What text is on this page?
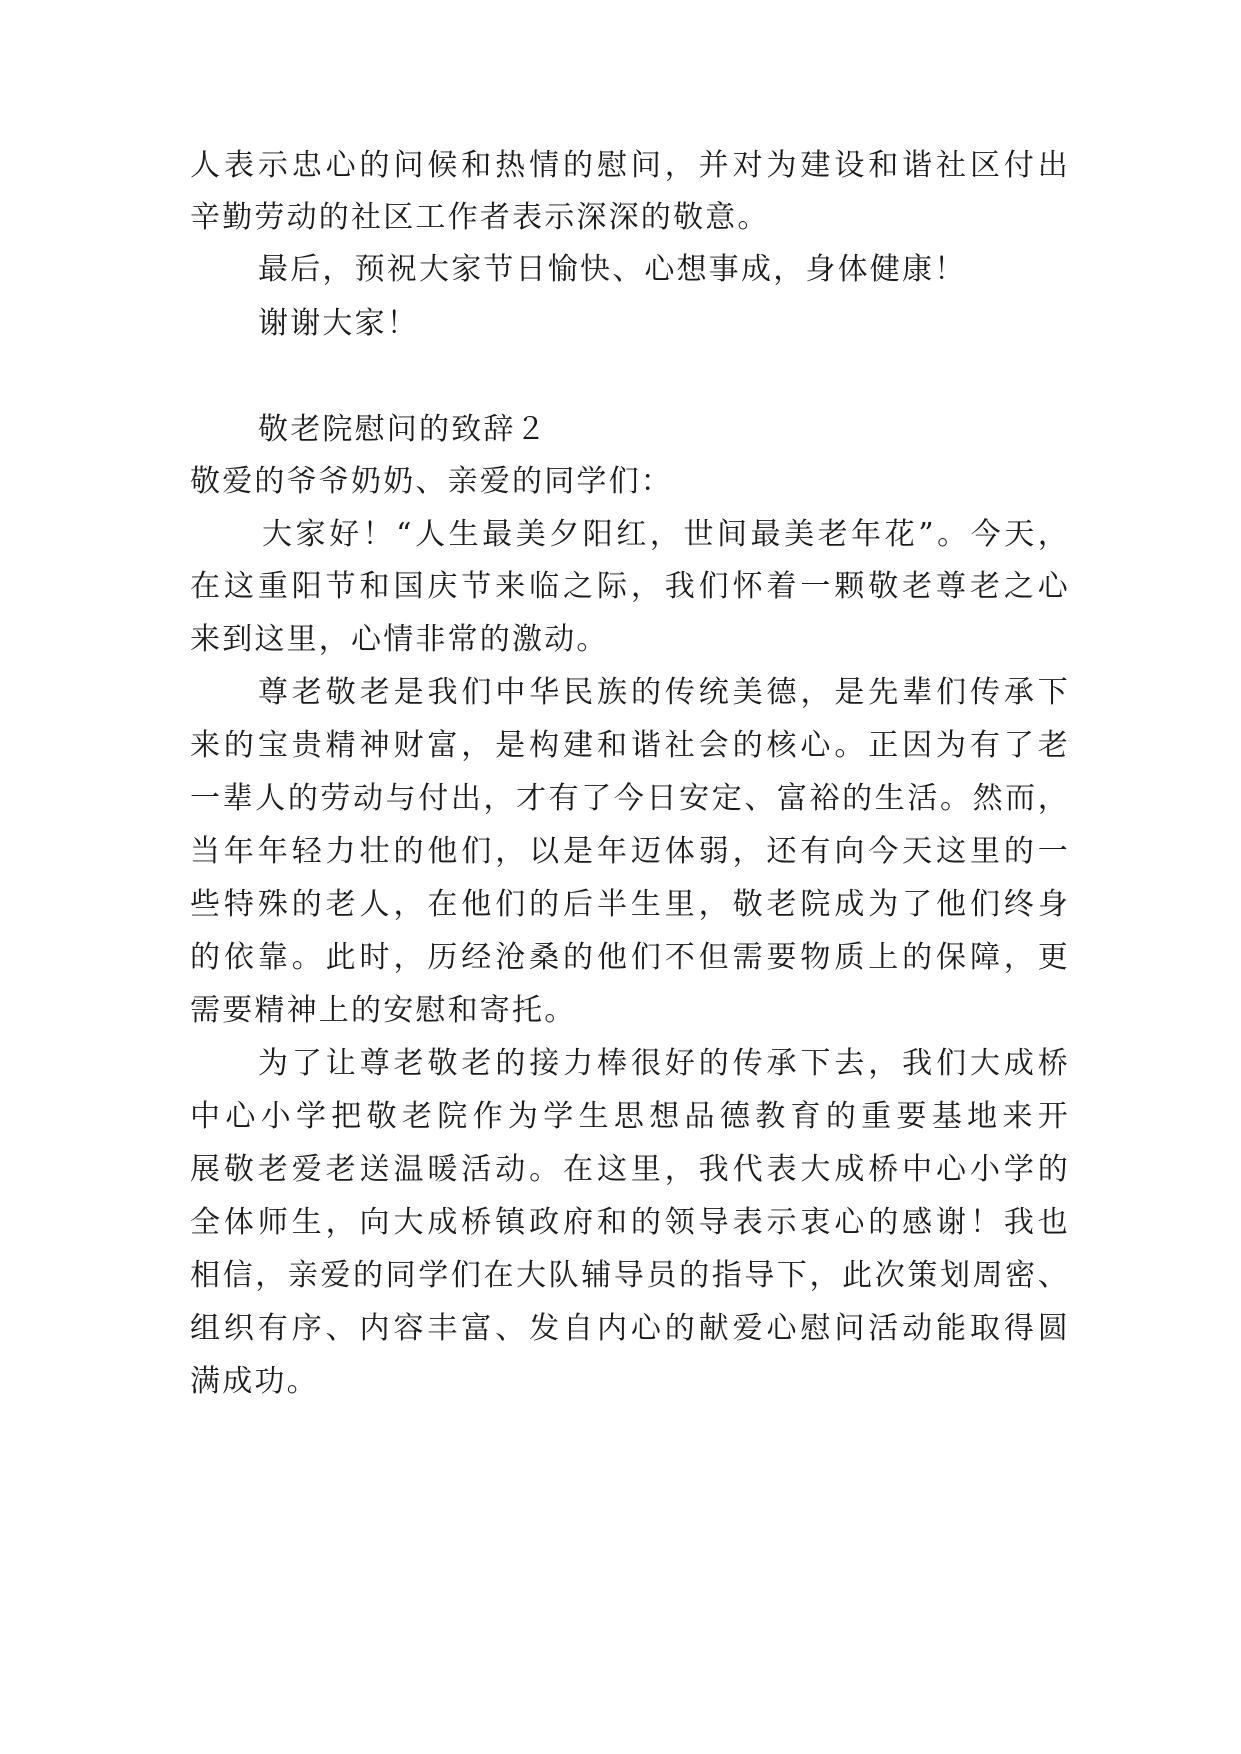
人表示忠心的问候和热情的慰问，并对为建设和谐社区付出
辛勤劳动的社区工作者表示深深的敬意。
最后，预祝大家节日愉快、心想事成，身体健康！
谢谢大家！
敬老院慰问的致辞２
敬爱的爷爷奶奶、亲爱的同学们：
大家好！“人生最美夕阳红，世间最美老年花”。今天，
在这重阳节和国庆节来临之际，我们怀着一颗敬老尊老之心
来到这里，心情非常的激动。
尊老敬老是我们中华民族的传统美德，是先辈们传承下
来的宝贵精神财富，是构建和谐社会的核心。正因为有了老
一辈人的劳动与付出，才有了今日安定、富裕的生活。然而，
当年年轻力壮的他们，以是年迈体弱，还有向今天这里的一
些特殊的老人，在他们的后半生里，敬老院成为了他们终身
的依靠。此时，历经沧桑的他们不但需要物质上的保障，更
需要精神上的安慰和寄托。
为了让尊老敬老的接力棒很好的传承下去，我们大成桥
中心小学把敬老院作为学生思想品德教育的重要基地来开
展敬老爱老送温暖活动。在这里，我代表大成桥中心小学的
全体师生，向大成桥镇政府和的领导表示衷心的感谢！我也
相信，亲爱的同学们在大队辅导员的指导下，此次策划周密、
组织有序、内容丰富、发自内心的献爱心慰问活动能取得圆
满成功。
